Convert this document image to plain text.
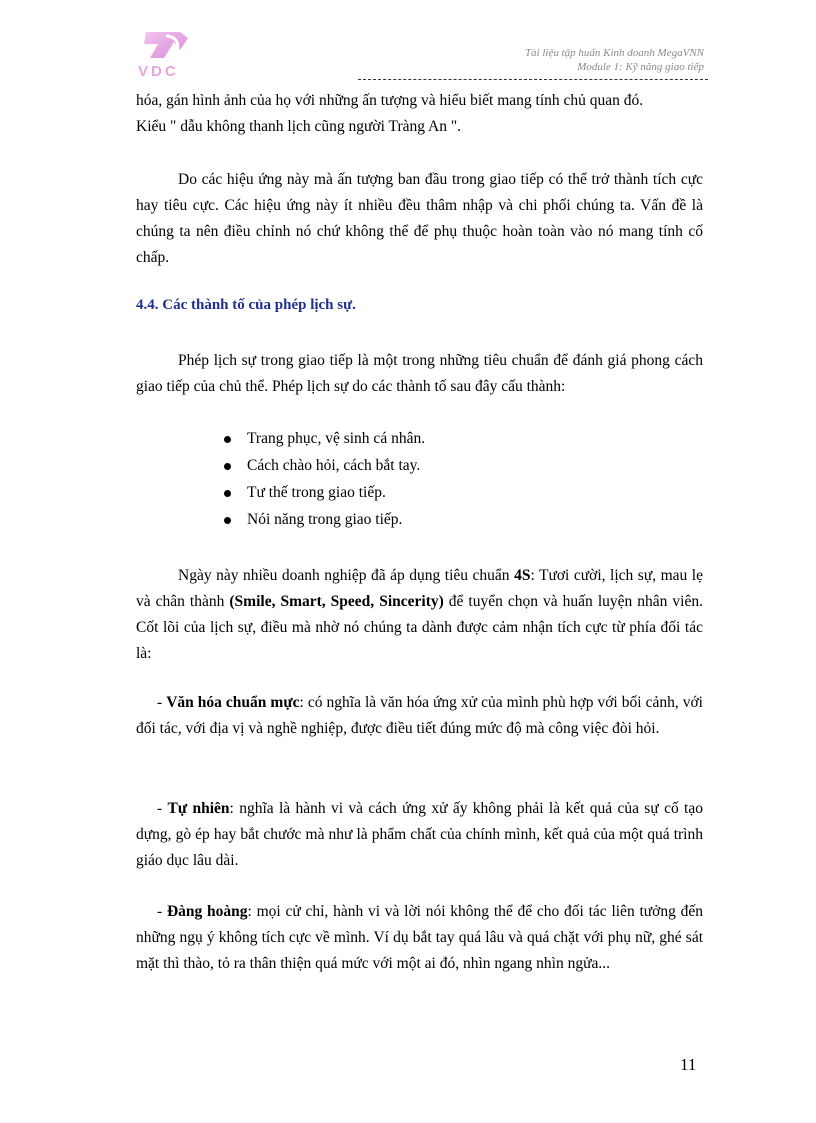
VDC
Tài liệu tập huấn Kinh doanh MegaVNN
Module 1: Kỹ năng giao tiếp
hóa, gán hình ảnh của họ với những ấn tượng và hiểu biết mang tính chủ quan đó.
Kiểu " dẫu không thanh lịch cũng người Tràng An ".
Do các hiệu ứng này mà ấn tượng ban đầu trong giao tiếp có thể trở thành tích cực hay tiêu cực. Các hiệu ứng này ít nhiều đều thâm nhập và chi phối chúng ta. Vấn đề là chúng ta nên điều chỉnh nó chứ không thể để phụ thuộc hoàn toàn vào nó mang tính cố chấp.
4.4. Các thành tố của phép lịch sự.
Phép lịch sự trong giao tiếp là một trong những tiêu chuẩn để đánh giá phong cách giao tiếp của chủ thể. Phép lịch sự do các thành tố sau đây cấu thành:
Trang phục, vệ sinh cá nhân.
Cách chào hỏi, cách bắt tay.
Tư thế trong giao tiếp.
Nói năng trong giao tiếp.
Ngày này nhiều doanh nghiệp đã áp dụng tiêu chuẩn 4S: Tươi cười, lịch sự, mau lẹ và chân thành (Smile, Smart, Speed, Sincerity) để tuyển chọn và huấn luyện nhân viên. Cốt lõi của lịch sự, điều mà nhờ nó chúng ta dành được cảm nhận tích cực từ phía đối tác là:
- Văn hóa chuẩn mực: có nghĩa là văn hóa ứng xử của mình phù hợp với bối cảnh, với đối tác, với địa vị và nghề nghiệp, được điều tiết đúng mức độ mà công việc đòi hỏi.
- Tự nhiên: nghĩa là hành vi và cách ứng xử ấy không phải là kết quả của sự cố tạo dựng, gò ép hay bắt chước mà như là phẩm chất của chính mình, kết quả của một quá trình giáo dục lâu dài.
- Đàng hoàng: mọi cử chỉ, hành vi và lời nói không thể để cho đối tác liên tưởng đến những ngụ ý không tích cực về mình. Ví dụ bắt tay quá lâu và quá chặt với phụ nữ, ghé sát mặt thì thào, tỏ ra thân thiện quá mức với một ai đó, nhìn ngang nhìn ngửa...
11
